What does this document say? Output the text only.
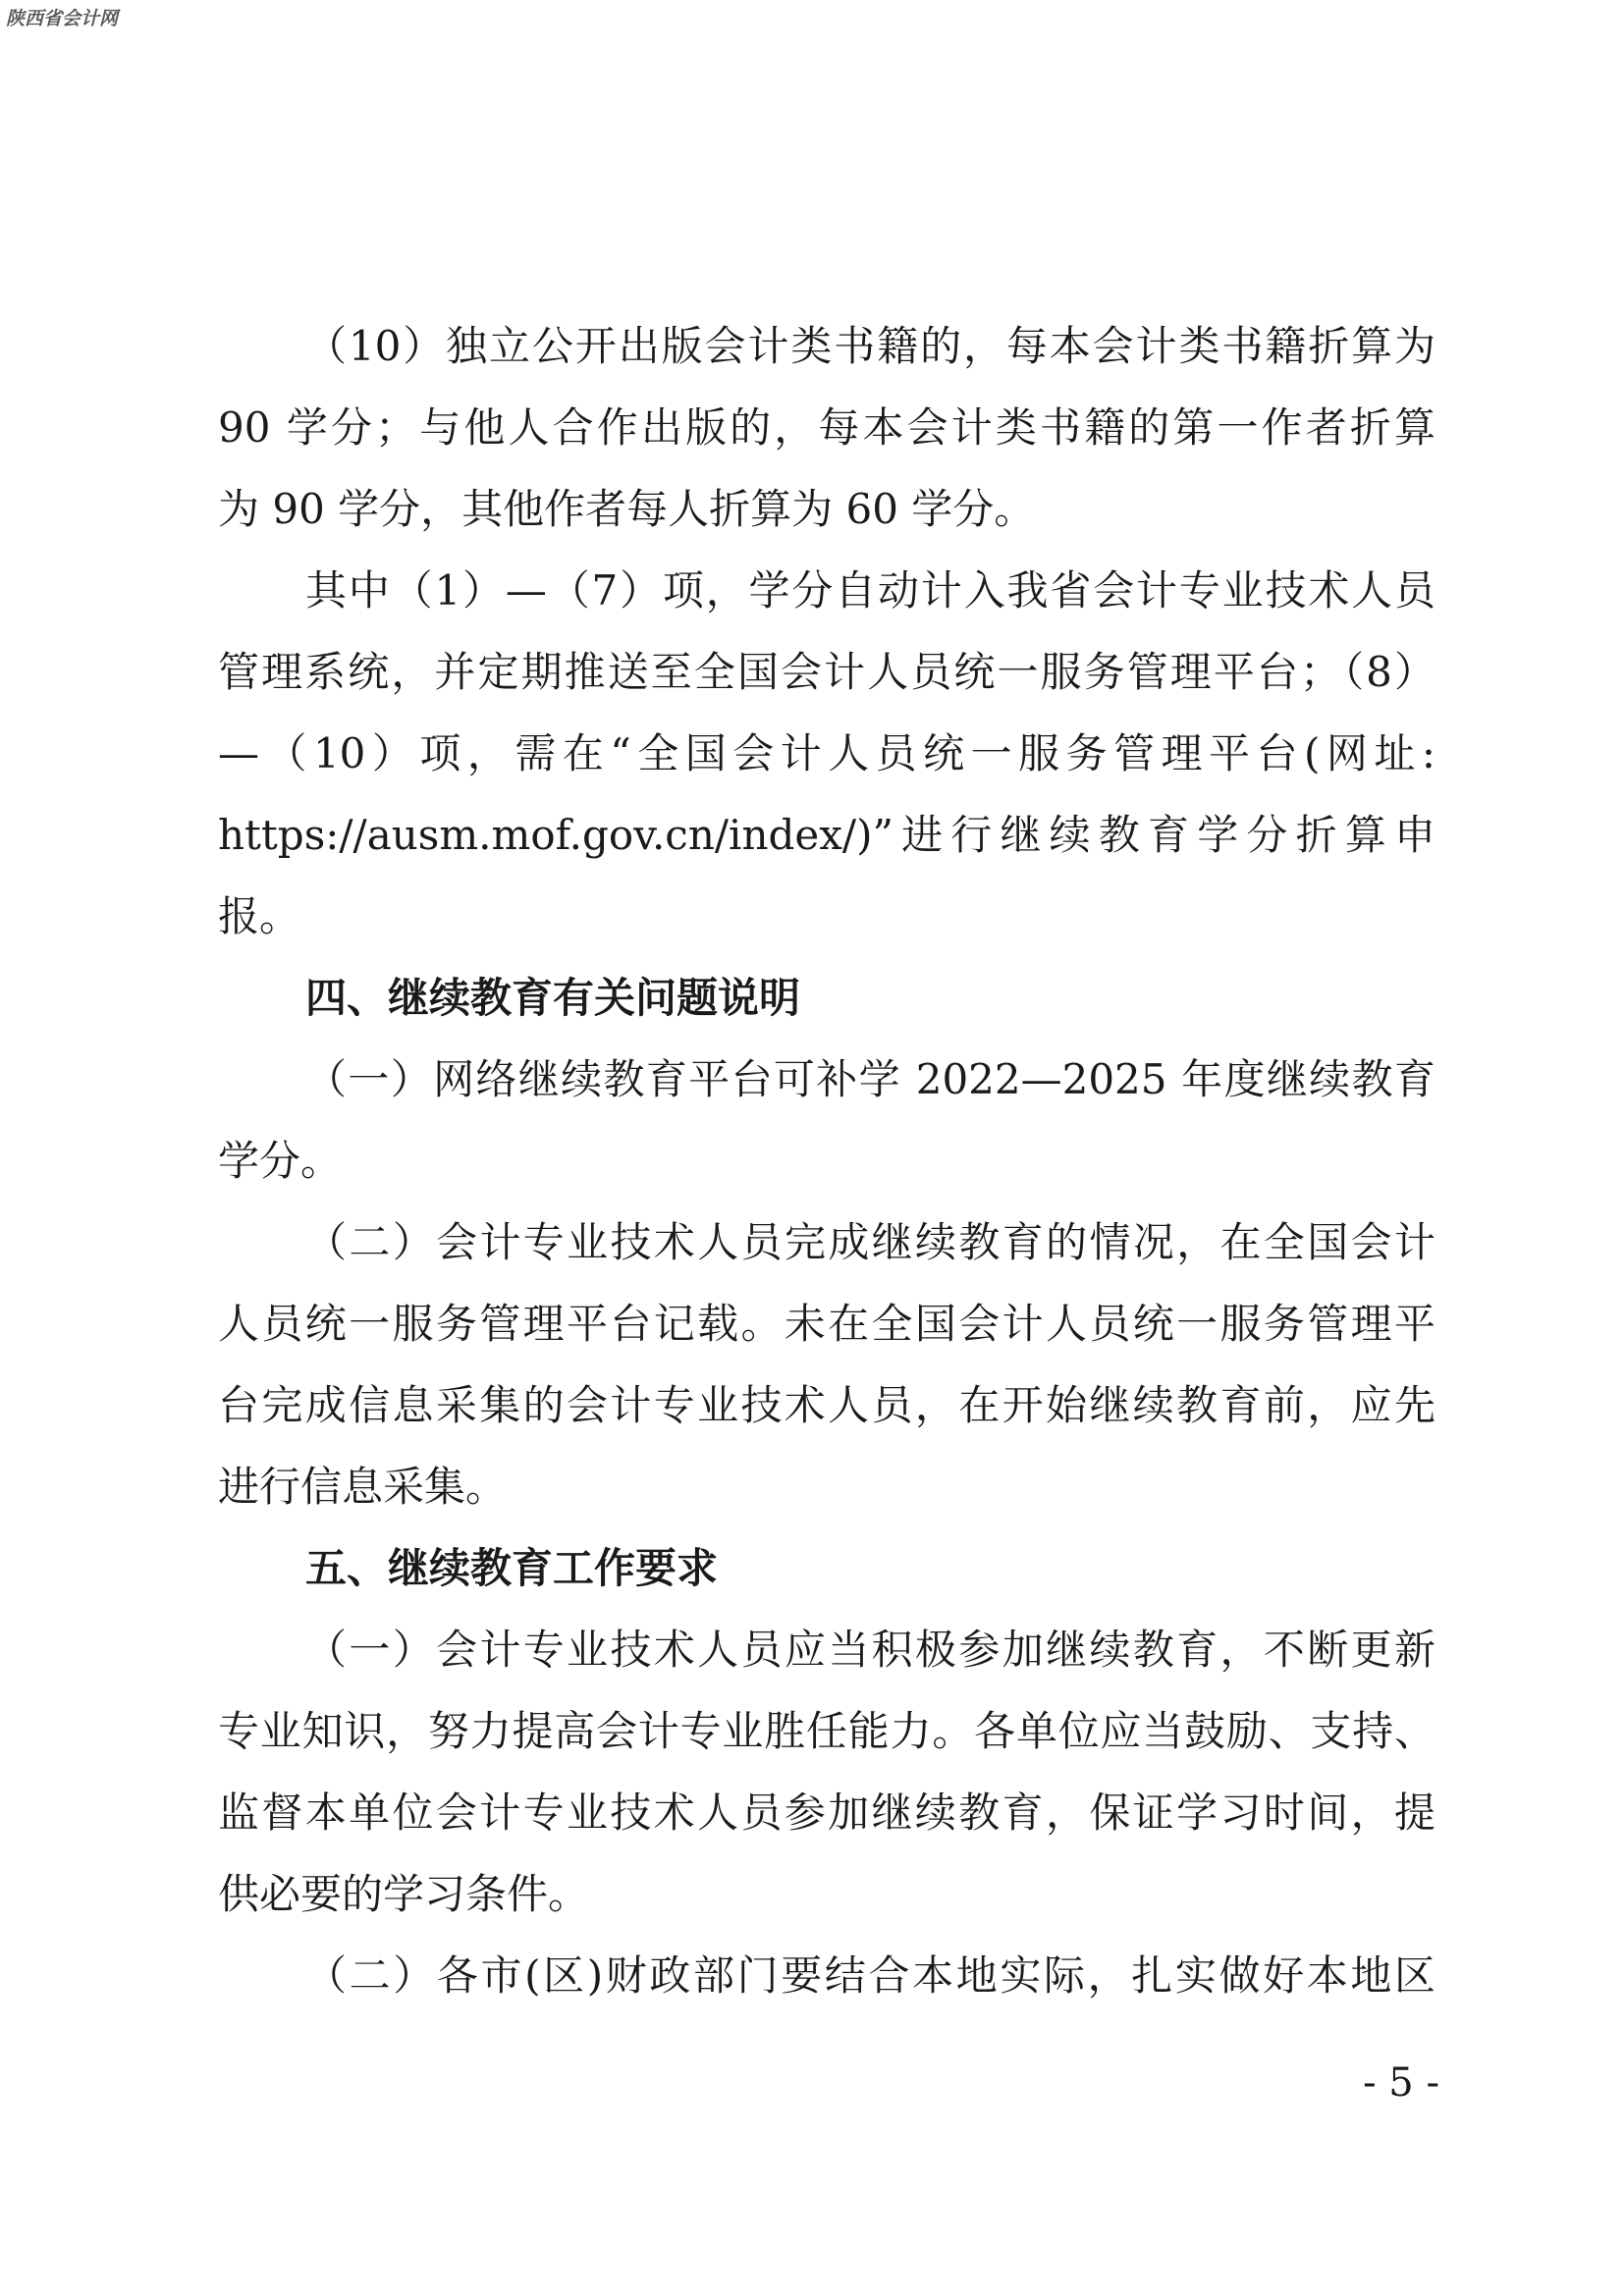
陕西省会计网
（10）独立公开出版会计类书籍的，每本会计类书籍折算为
90 学分；与他人合作出版的，每本会计类书籍的第一作者折算
为 90 学分，其他作者每人折算为 60 学分。
其中（1）—（7）项，学分自动计入我省会计专业技术人员
管理系统，并定期推送至全国会计人员统一服务管理平台；（8）
—（10）项，需在“全国会计人员统一服务管理平台(网址:
https://ausm.mof.gov.cn/index/)”进行继续教育学分折算申
报。
四、继续教育有关问题说明
（一）网络继续教育平台可补学 2022—2025 年度继续教育
学分。
（二）会计专业技术人员完成继续教育的情况，在全国会计
人员统一服务管理平台记载。未在全国会计人员统一服务管理平
台完成信息采集的会计专业技术人员，在开始继续教育前，应先
进行信息采集。
五、继续教育工作要求
（一）会计专业技术人员应当积极参加继续教育，不断更新
专业知识，努力提高会计专业胜任能力。各单位应当鼓励、支持、
监督本单位会计专业技术人员参加继续教育，保证学习时间，提
供必要的学习条件。
（二）各市(区)财政部门要结合本地实际，扎实做好本地区
- 5 -
